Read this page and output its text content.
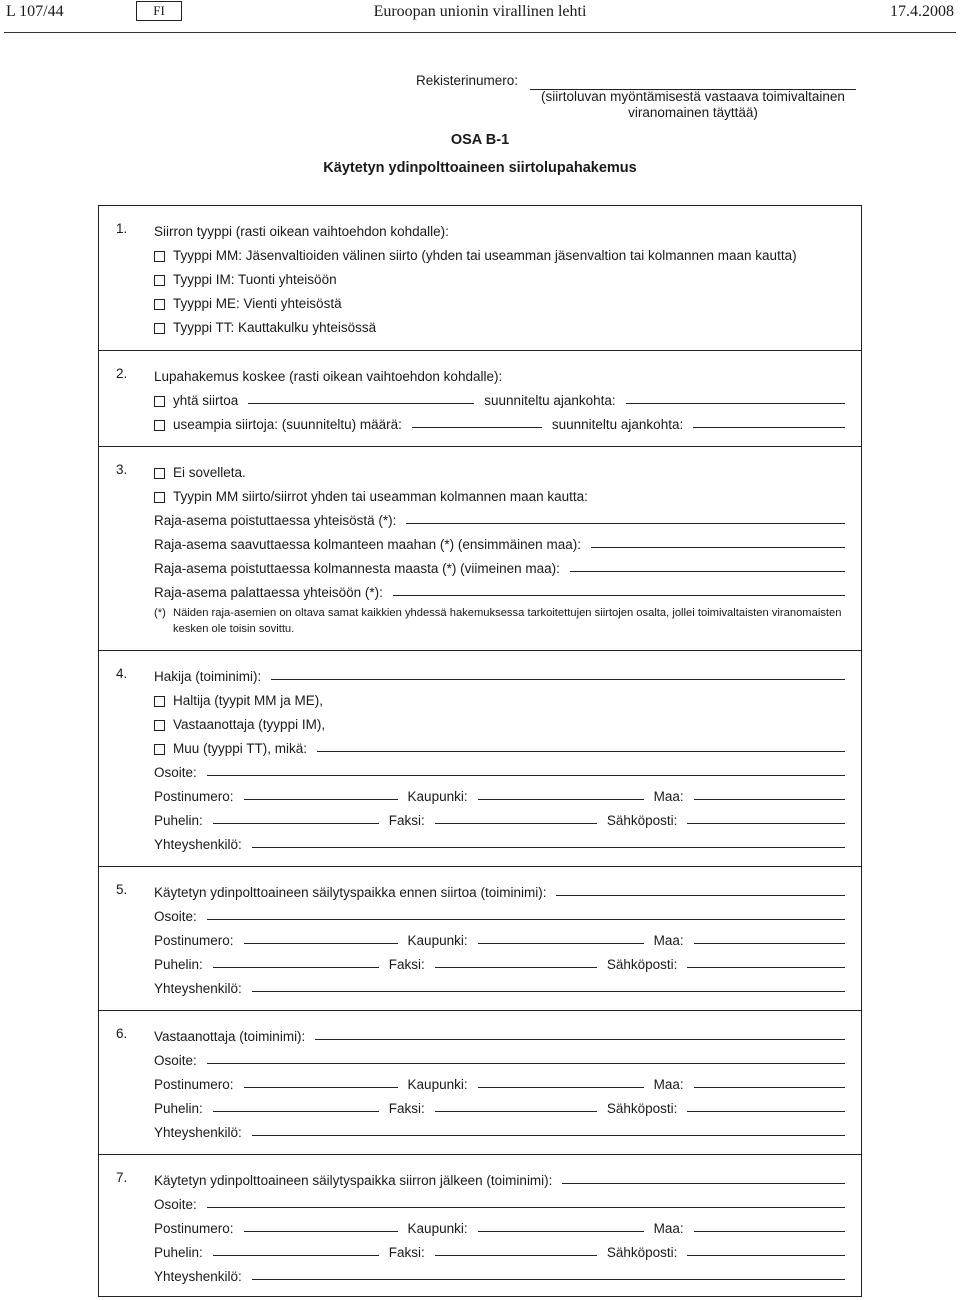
L 107/44	FI	Euroopan unionin virallinen lehti	17.4.2008
Rekisterinumero:
(siirtoluvan myöntämisestä vastaava toimivaltainen viranomainen täyttää)
OSA B-1
Käytetyn ydinpolttoaineen siirtolupahakemus
1. Siirron tyyppi (rasti oikean vaihtoehdon kohdalle):
Tyyppi MM: Jäsenvaltioiden välinen siirto (yhden tai useamman jäsenvaltion tai kolmannen maan kautta)
Tyyppi IM: Tuonti yhteisöön
Tyyppi ME: Vienti yhteisöstä
Tyyppi TT: Kauttakulku yhteisössä
2. Lupahakemus koskee (rasti oikean vaihtoehdon kohdalle):
yhtä siirtoa	suunniteltu ajankohta:
useampia siirtoja: (suunniteltu) määrä:	suunniteltu ajankohta:
3.	Ei sovelleta.
Tyypin MM siirto/siirrot yhden tai useamman kolmannen maan kautta:
Raja-asema poistuttaessa yhteisöstä (*):
Raja-asema saavuttaessa kolmanteen maahan (*) (ensimmäinen maa):
Raja-asema poistuttaessa kolmannesta maasta (*) (viimeinen maa):
Raja-asema palattaessa yhteisöön (*):
(*) Näiden raja-asemien on oltava samat kaikkien yhdessä hakemuksessa tarkoitettujen siirtojen osalta, jollei toimivaltaisten viranomaisten kesken ole toisin sovittu.
4. Hakija (toiminimi):
Haltija (tyypit MM ja ME),
Vastaanottaja (tyyppi IM),
Muu (tyyppi TT), mikä:
Osoite:
Postinumero:	Kaupunki:	Maa:
Puhelin:	Faksi:	Sähköposti:
Yhteyshenkilö:
5. Käytetyn ydinpolttoaineen säilytyspaikka ennen siirtoa (toiminimi):
Osoite:
Postinumero:	Kaupunki:	Maa:
Puhelin:	Faksi:	Sähköposti:
Yhteyshenkilö:
6. Vastaanottaja (toiminimi):
Osoite:
Postinumero:	Kaupunki:	Maa:
Puhelin:	Faksi:	Sähköposti:
Yhteyshenkilö:
7. Käytetyn ydinpolttoaineen säilytyspaikka siirron jälkeen (toiminimi):
Osoite:
Postinumero:	Kaupunki:	Maa:
Puhelin:	Faksi:	Sähköposti:
Yhteyshenkilö:
